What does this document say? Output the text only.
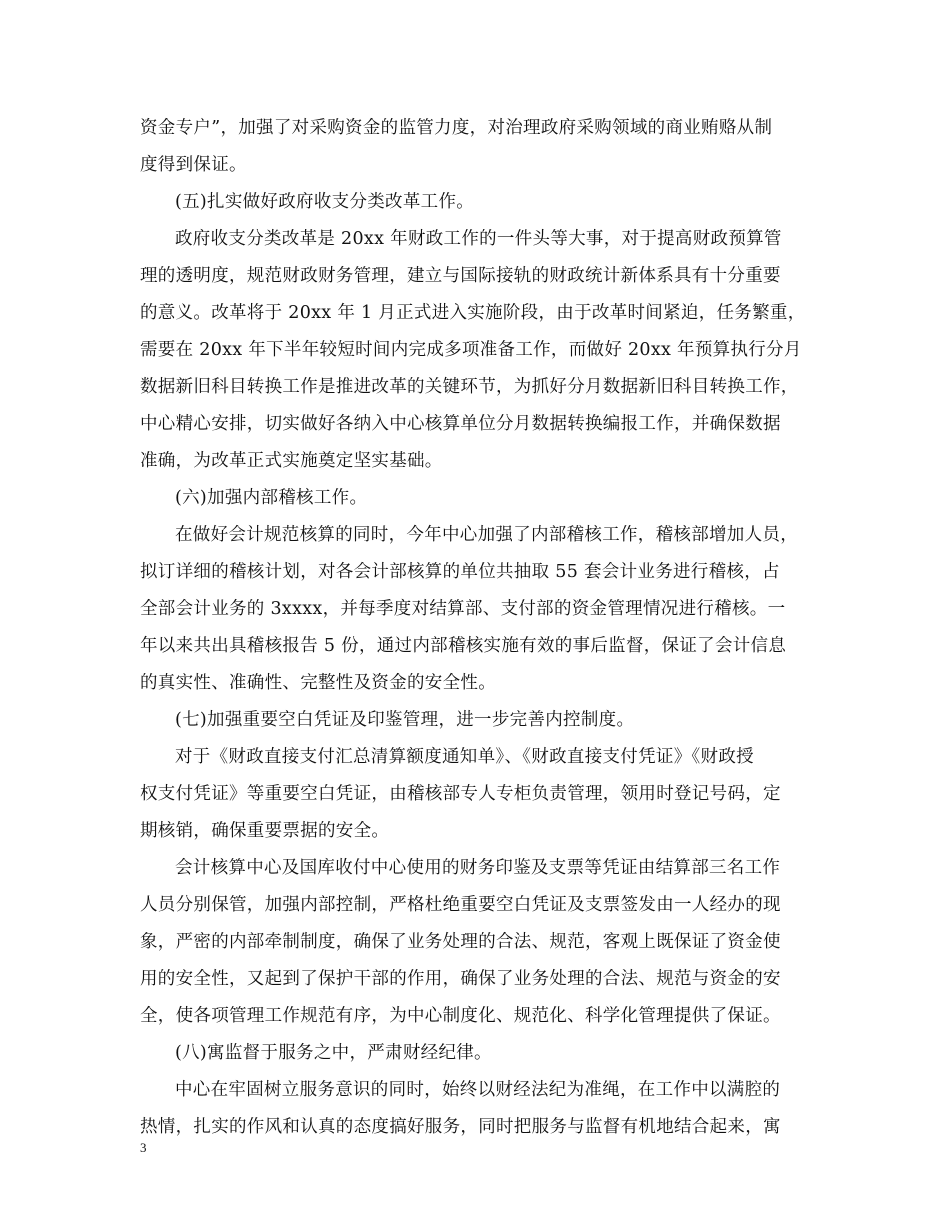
资金专户”，加强了对采购资金的监管力度，对治理政府采购领域的商业贿赂从制
度得到保证。
(五)扎实做好政府收支分类改革工作。
政府收支分类改革是 20xx 年财政工作的一件头等大事，对于提高财政预算管
理的透明度，规范财政财务管理，建立与国际接轨的财政统计新体系具有十分重要
的意义。改革将于 20xx 年 1 月正式进入实施阶段，由于改革时间紧迫，任务繁重，
需要在 20xx 年下半年较短时间内完成多项准备工作，而做好 20xx 年预算执行分月
数据新旧科目转换工作是推进改革的关键环节，为抓好分月数据新旧科目转换工作，
中心精心安排，切实做好各纳入中心核算单位分月数据转换编报工作，并确保数据
准确，为改革正式实施奠定坚实基础。
(六)加强内部稽核工作。
在做好会计规范核算的同时，今年中心加强了内部稽核工作，稽核部增加人员，
拟订详细的稽核计划，对各会计部核算的单位共抽取 55 套会计业务进行稽核，占
全部会计业务的 3xxxx，并每季度对结算部、支付部的资金管理情况进行稽核。一
年以来共出具稽核报告 5 份，通过内部稽核实施有效的事后监督，保证了会计信息
的真实性、准确性、完整性及资金的安全性。
(七)加强重要空白凭证及印鉴管理，进一步完善内控制度。
对于《财政直接支付汇总清算额度通知单》、《财政直接支付凭证》《财政授
权支付凭证》等重要空白凭证，由稽核部专人专柜负责管理，领用时登记号码，定
期核销，确保重要票据的安全。
会计核算中心及国库收付中心使用的财务印鉴及支票等凭证由结算部三名工作
人员分别保管，加强内部控制，严格杜绝重要空白凭证及支票签发由一人经办的现
象，严密的内部牵制制度，确保了业务处理的合法、规范，客观上既保证了资金使
用的安全性，又起到了保护干部的作用，确保了业务处理的合法、规范与资金的安
全，使各项管理工作规范有序，为中心制度化、规范化、科学化管理提供了保证。
(八)寓监督于服务之中，严肃财经纪律。
中心在牢固树立服务意识的同时，始终以财经法纪为准绳，在工作中以满腔的
热情，扎实的作风和认真的态度搞好服务，同时把服务与监督有机地结合起来，寓
3
